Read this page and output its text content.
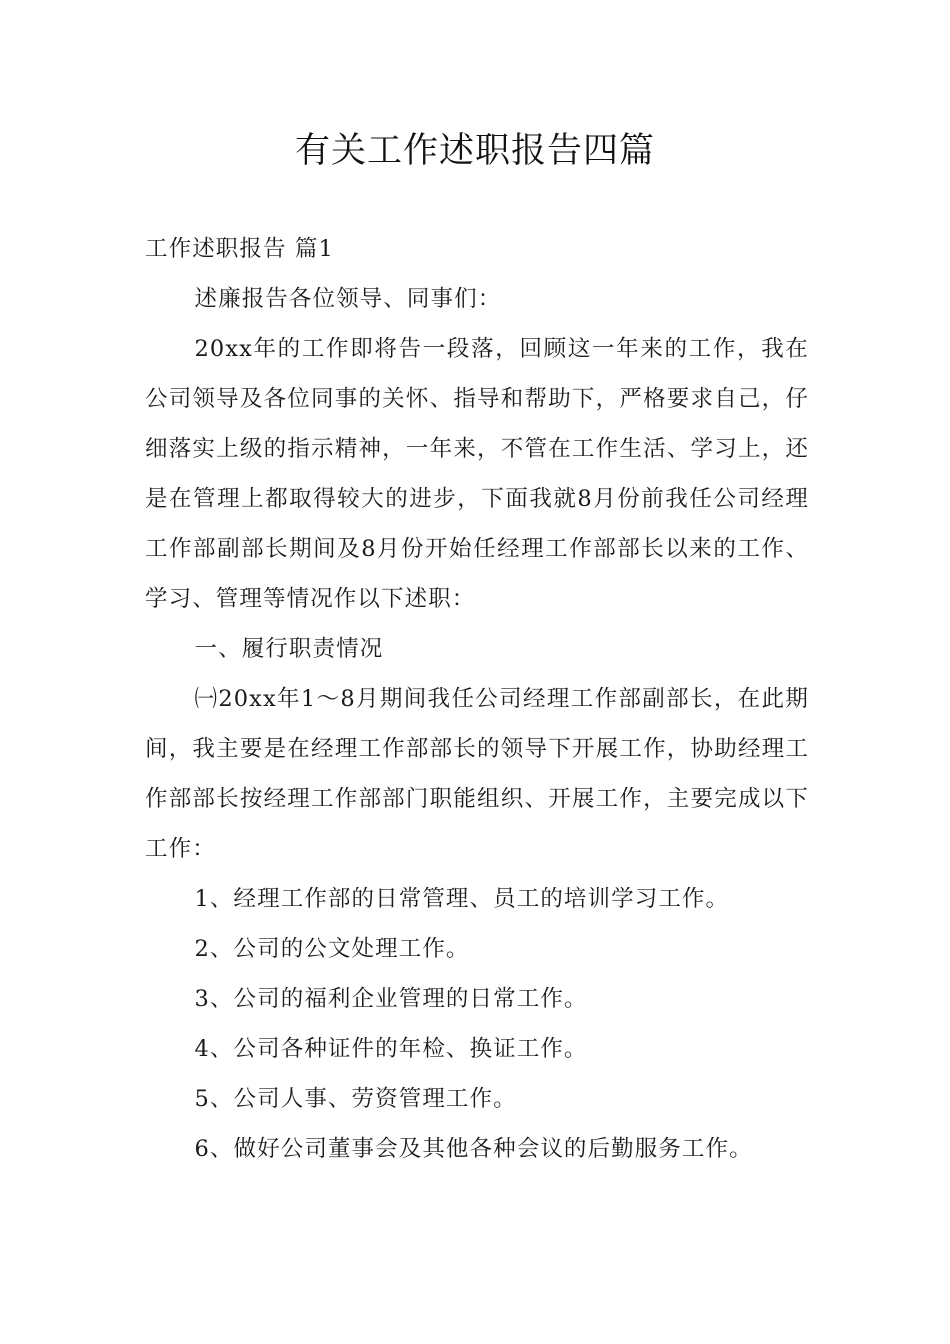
有关工作述职报告四篇

工作述职报告 篇1

述廉报告各位领导、同事们：

20xx年的工作即将告一段落，回顾这一年来的工作，我在公司领导及各位同事的关怀、指导和帮助下，严格要求自己，仔细落实上级的指示精神，一年来，不管在工作生活、学习上，还是在管理上都取得较大的进步，下面我就8月份前我任公司经理工作部副部长期间及8月份开始任经理工作部部长以来的工作、学习、管理等情况作以下述职：

一、履行职责情况

㈠20xx年1～8月期间我任公司经理工作部副部长，在此期间，我主要是在经理工作部部长的领导下开展工作，协助经理工作部部长按经理工作部部门职能组织、开展工作，主要完成以下工作：

1、经理工作部的日常管理、员工的培训学习工作。

2、公司的公文处理工作。

3、公司的福利企业管理的日常工作。

4、公司各种证件的年检、换证工作。

5、公司人事、劳资管理工作。

6、做好公司董事会及其他各种会议的后勤服务工作。
